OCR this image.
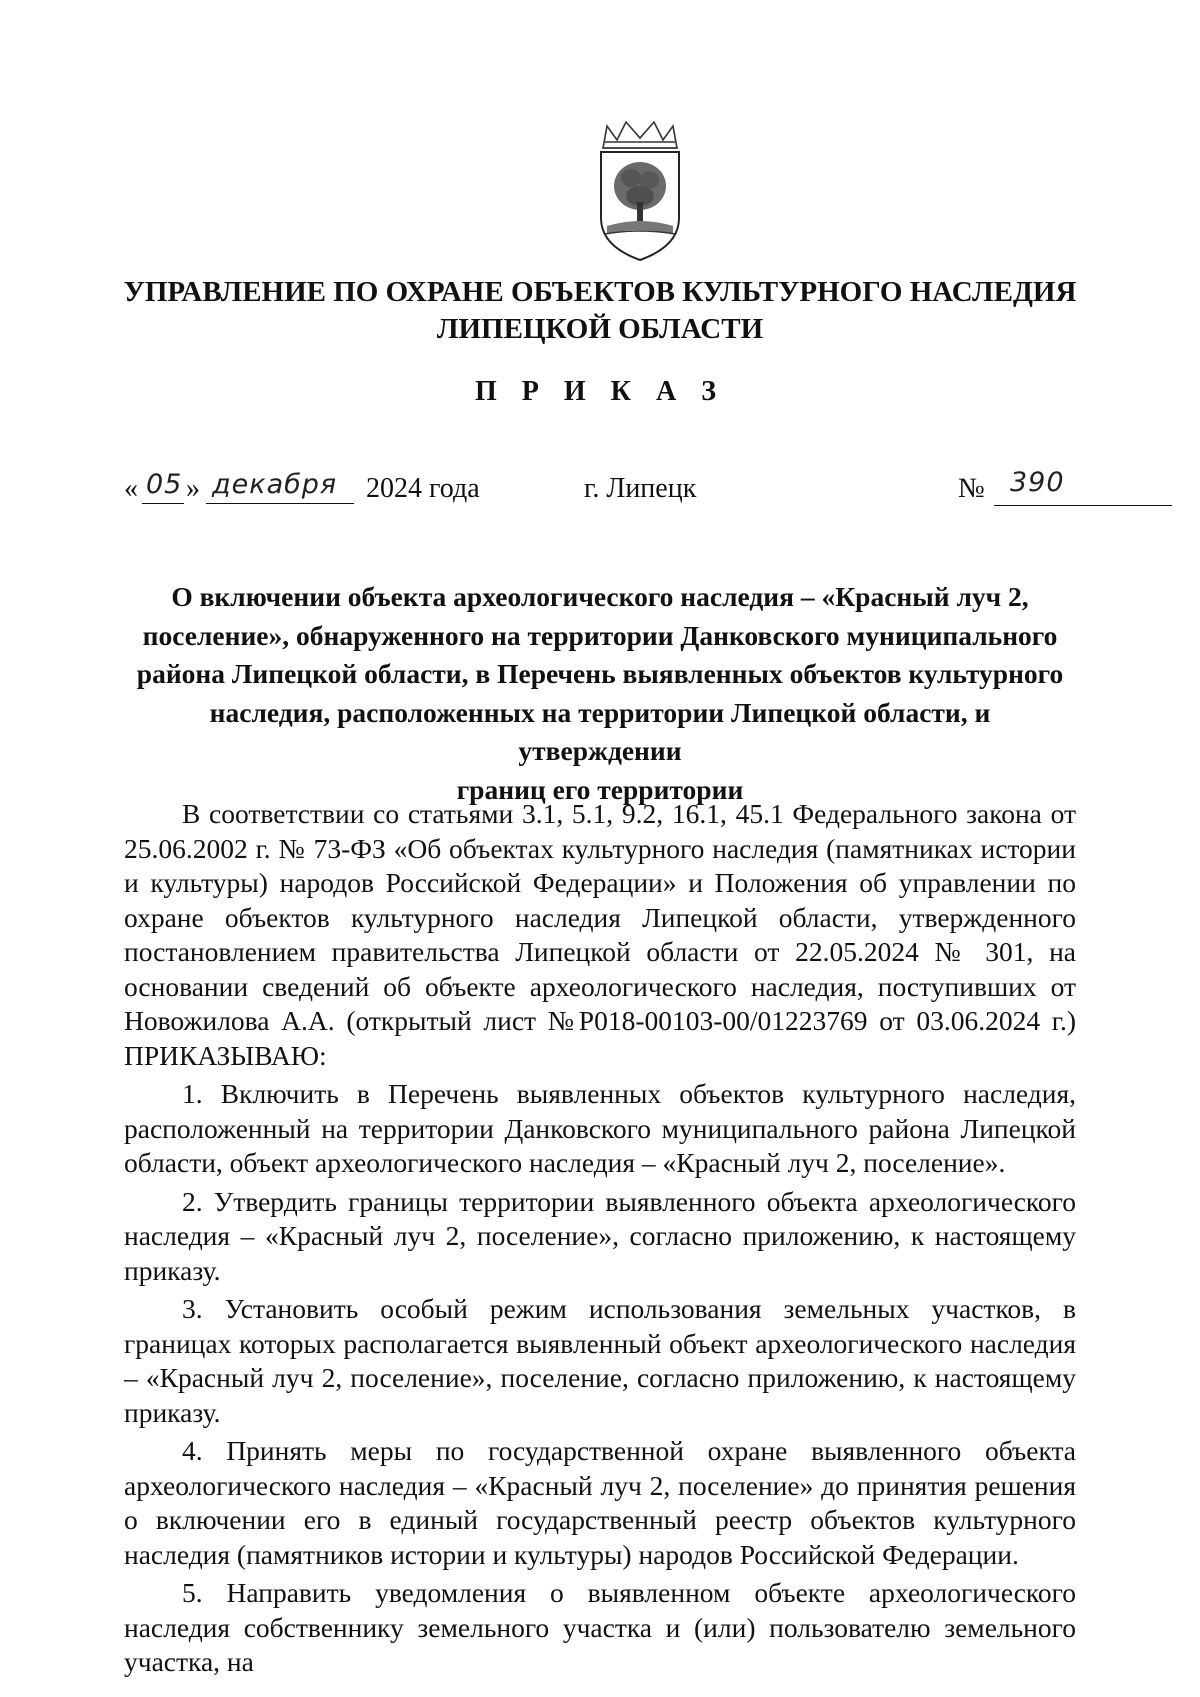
УПРАВЛЕНИЕ ПО ОХРАНЕ ОБЪЕКТОВ КУЛЬТУРНОГО НАСЛЕДИЯ
ЛИПЕЦКОЙ ОБЛАСТИ
П Р И К А З
« 05 » декабря 2024 года	г. Липецк	№ 390
О включении объекта археологического наследия – «Красный луч 2,
поселение», обнаруженного на территории Данковского муниципального
района Липецкой области, в Перечень выявленных объектов культурного
наследия, расположенных на территории Липецкой области, и утверждении
границ его территории

В соответствии со статьями 3.1, 5.1, 9.2, 16.1, 45.1 Федерального закона от 25.06.2002 г. № 73-ФЗ «Об объектах культурного наследия (памятниках истории и культуры) народов Российской Федерации» и Положения об управлении по охране объектов культурного наследия Липецкой области, утвержденного постановлением правительства Липецкой области от 22.05.2024 № 301, на основании сведений об объекте археологического наследия, поступивших от Новожилова А.А. (открытый лист №Р018-00103-00/01223769 от 03.06.2024 г.) ПРИКАЗЫВАЮ:

1. Включить в Перечень выявленных объектов культурного наследия, расположенный на территории Данковского муниципального района Липецкой области, объект археологического наследия – «Красный луч 2, поселение».

2. Утвердить границы территории выявленного объекта археологического наследия – «Красный луч 2, поселение», согласно приложению, к настоящему приказу.

3. Установить особый режим использования земельных участков, в границах которых располагается выявленный объект археологического наследия – «Красный луч 2, поселение», поселение, согласно приложению, к настоящему приказу.

4. Принять меры по государственной охране выявленного объекта археологического наследия – «Красный луч 2, поселение» до принятия решения о включении его в единый государственный реестр объектов культурного наследия (памятников истории и культуры) народов Российской Федерации.

5. Направить уведомления о выявленном объекте археологического наследия собственнику земельного участка и (или) пользователю земельного участка, на
